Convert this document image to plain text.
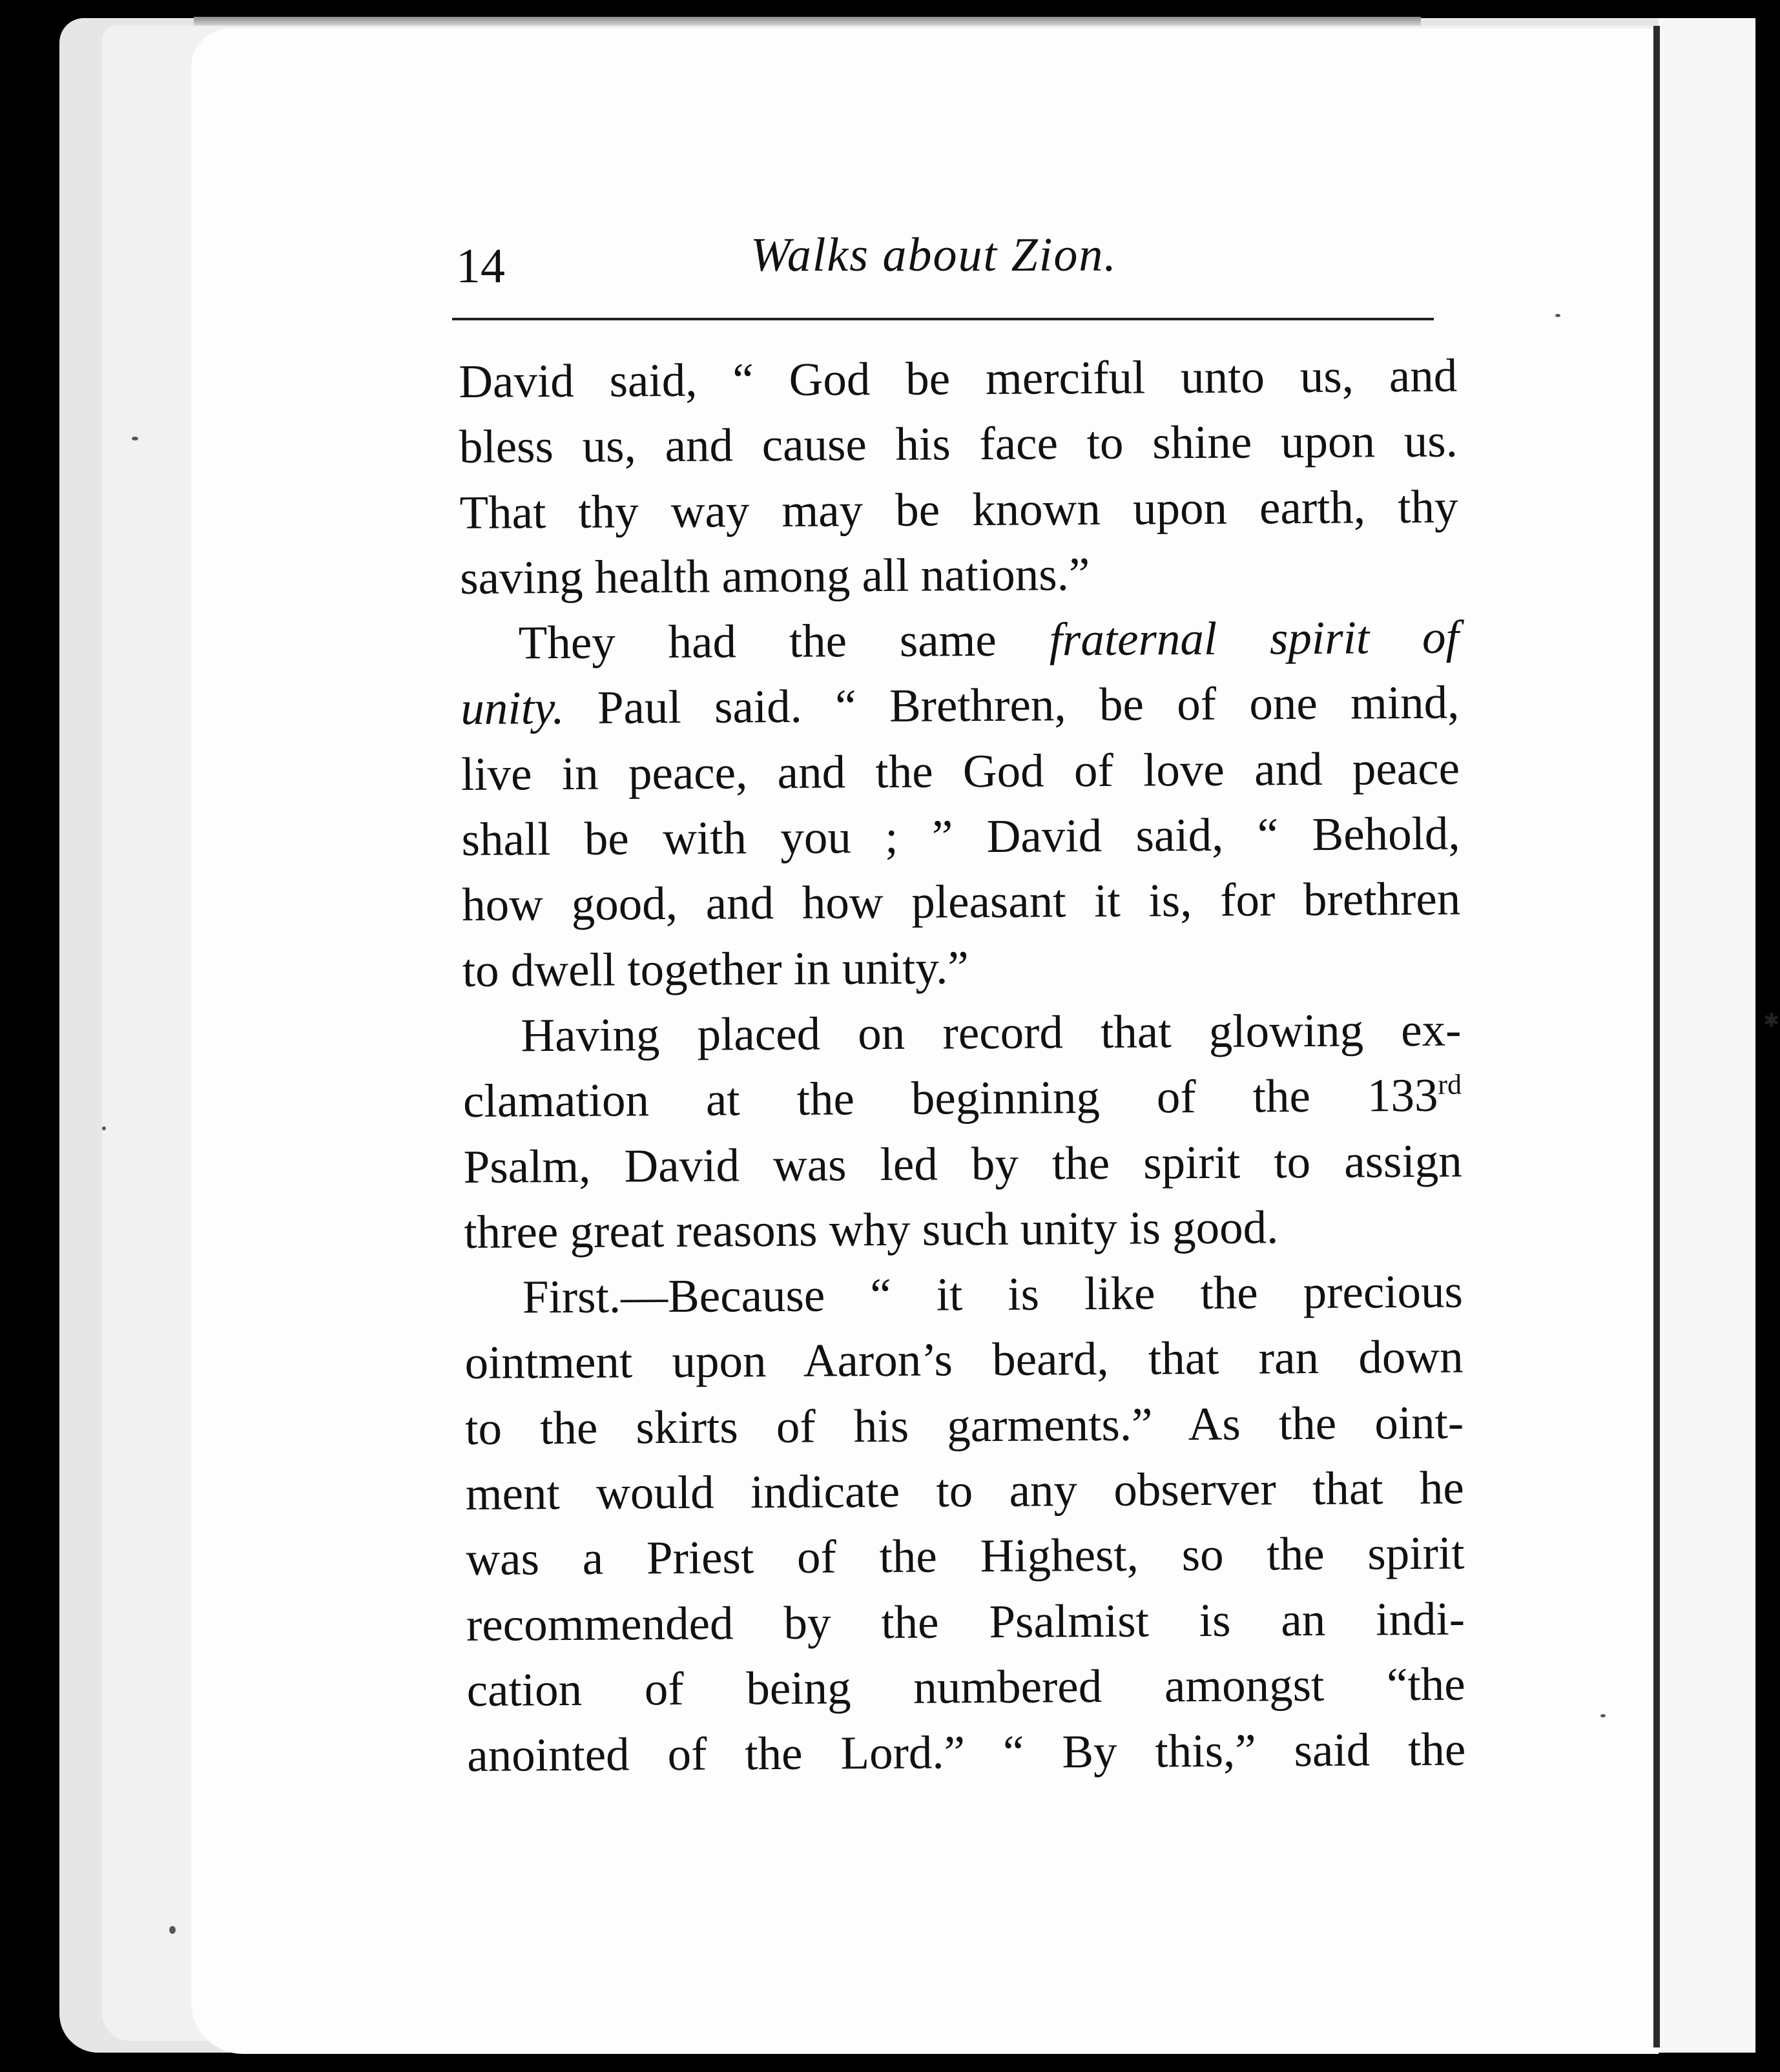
14	Walks about Zion.
David said, “ God be merciful unto us, and
bless us, and cause his face to shine upon us.
That thy way may be known upon earth, thy
saving health among all nations.”
They had the same fraternal spirit of
unity. Paul said. “ Brethren, be of one mind,
live in peace, and the God of love and peace
shall be with you ; ” David said, “ Behold,
how good, and how pleasant it is, for brethren
to dwell together in unity.”
Having placed on record that glowing ex-
clamation at the beginning of the 133rd
Psalm, David was led by the spirit to assign
three great reasons why such unity is good.
First.—Because “ it is like the precious
ointment upon Aaron’s beard, that ran down
to the skirts of his garments.” As the oint-
ment would indicate to any observer that he
was a Priest of the Highest, so the spirit
recommended by the Psalmist is an indi-
cation of being numbered amongst “the
anointed of the Lord.” “ By this,” said the
✱
